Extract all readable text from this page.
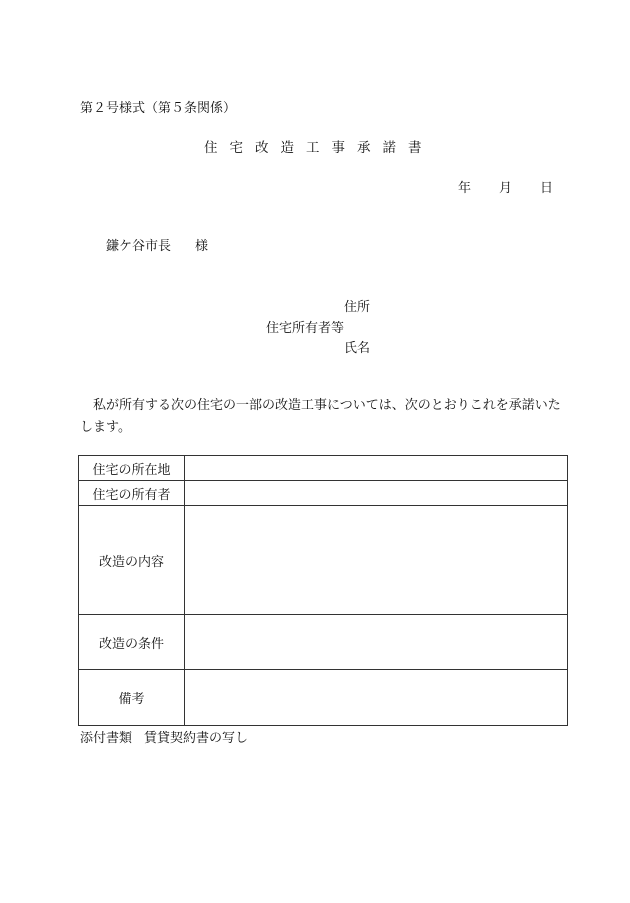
第２号様式（第５条関係）
住宅改造工事承諾書
年 月 日
鎌ケ谷市長 様
住所
住宅所有者等
氏名
私が所有する次の住宅の一部の改造工事については、次のとおりこれを承諾いたします。
住宅の所在地	
住宅の所有者	
改造の内容	
改造の条件	
備考	
添付書類 賃貸契約書の写し
